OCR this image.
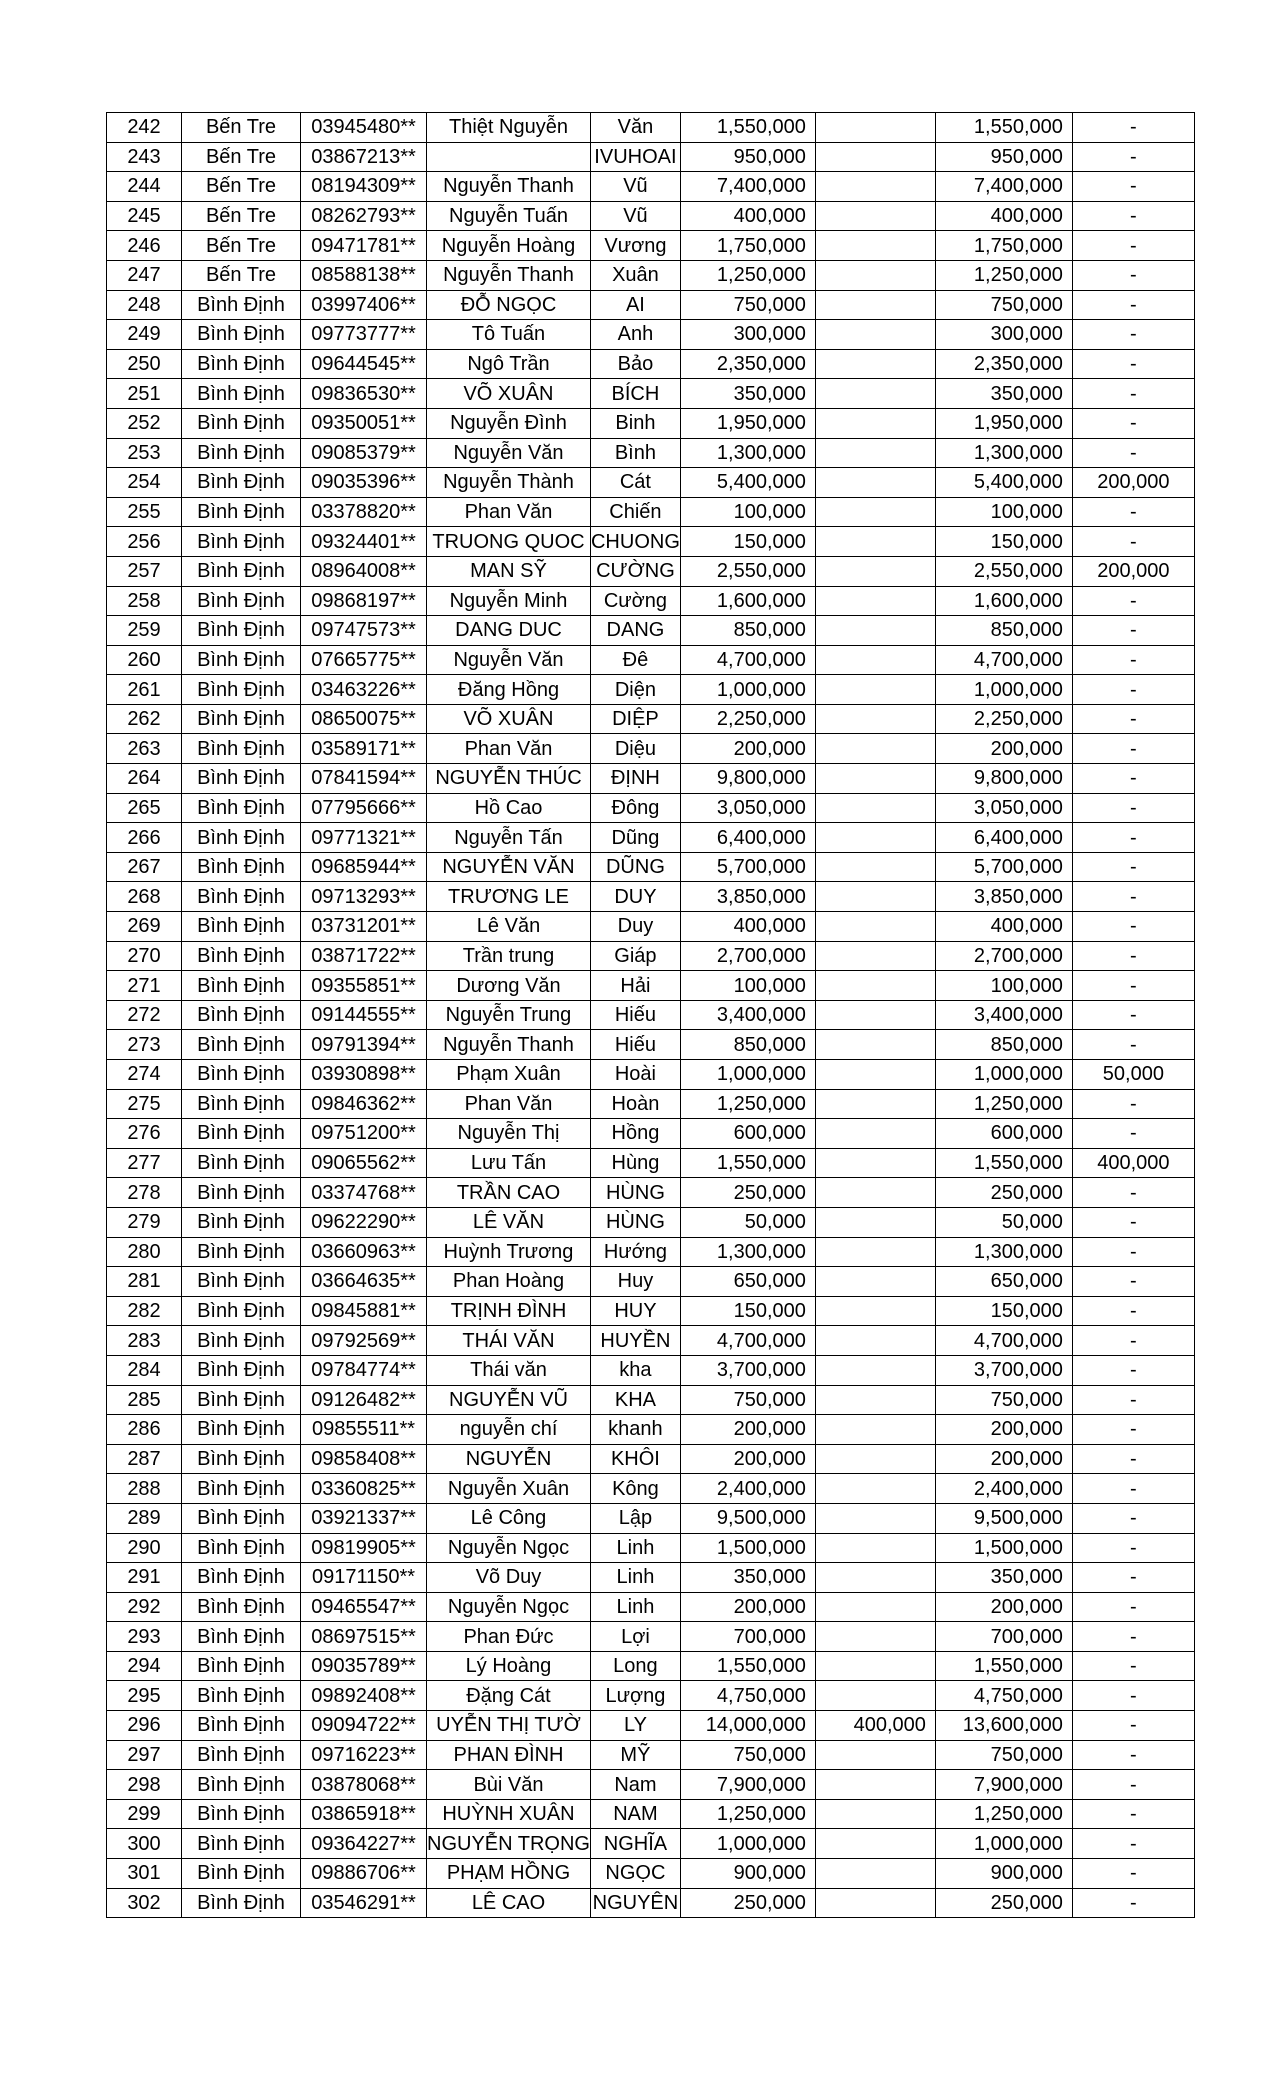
242	Bến Tre	03945480**	Thiệt Nguyễn	Văn	1,550,000		1,550,000	-
243	Bến Tre	03867213**		IVUHOAI	950,000		950,000	-
244	Bến Tre	08194309**	Nguyễn Thanh	Vũ	7,400,000		7,400,000	-
245	Bến Tre	08262793**	Nguyễn Tuấn	Vũ	400,000		400,000	-
246	Bến Tre	09471781**	Nguyễn Hoàng	Vương	1,750,000		1,750,000	-
247	Bến Tre	08588138**	Nguyễn Thanh	Xuân	1,250,000		1,250,000	-
248	Bình Định	03997406**	ĐỖ NGỌC	AI	750,000		750,000	-
249	Bình Định	09773777**	Tô Tuấn	Anh	300,000		300,000	-
250	Bình Định	09644545**	Ngô Trần	Bảo	2,350,000		2,350,000	-
251	Bình Định	09836530**	VÕ XUÂN	BÍCH	350,000		350,000	-
252	Bình Định	09350051**	Nguyễn Đình	Binh	1,950,000		1,950,000	-
253	Bình Định	09085379**	Nguyễn Văn	Bình	1,300,000		1,300,000	-
254	Bình Định	09035396**	Nguyễn Thành	Cát	5,400,000		5,400,000	200,000
255	Bình Định	03378820**	Phan Văn	Chiến	100,000		100,000	-
256	Bình Định	09324401**	TRUONG QUOC	CHUONG	150,000		150,000	-
257	Bình Định	08964008**	MAN SỸ	CƯỜNG	2,550,000		2,550,000	200,000
258	Bình Định	09868197**	Nguyễn Minh	Cường	1,600,000		1,600,000	-
259	Bình Định	09747573**	DANG DUC	DANG	850,000		850,000	-
260	Bình Định	07665775**	Nguyễn Văn	Đê	4,700,000		4,700,000	-
261	Bình Định	03463226**	Đăng Hồng	Diện	1,000,000		1,000,000	-
262	Bình Định	08650075**	VÕ XUÂN	DIỆP	2,250,000		2,250,000	-
263	Bình Định	03589171**	Phan Văn	Diệu	200,000		200,000	-
264	Bình Định	07841594**	NGUYỄN THÚC	ĐỊNH	9,800,000		9,800,000	-
265	Bình Định	07795666**	Hồ Cao	Đông	3,050,000		3,050,000	-
266	Bình Định	09771321**	Nguyễn Tấn	Dũng	6,400,000		6,400,000	-
267	Bình Định	09685944**	NGUYỄN VĂN	DŨNG	5,700,000		5,700,000	-
268	Bình Định	09713293**	TRƯƠNG LE	DUY	3,850,000		3,850,000	-
269	Bình Định	03731201**	Lê Văn	Duy	400,000		400,000	-
270	Bình Định	03871722**	Trần trung	Giáp	2,700,000		2,700,000	-
271	Bình Định	09355851**	Dương Văn	Hải	100,000		100,000	-
272	Bình Định	09144555**	Nguyễn Trung	Hiếu	3,400,000		3,400,000	-
273	Bình Định	09791394**	Nguyễn Thanh	Hiếu	850,000		850,000	-
274	Bình Định	03930898**	Phạm Xuân	Hoài	1,000,000		1,000,000	50,000
275	Bình Định	09846362**	Phan Văn	Hoàn	1,250,000		1,250,000	-
276	Bình Định	09751200**	Nguyễn Thị	Hồng	600,000		600,000	-
277	Bình Định	09065562**	Lưu Tấn	Hùng	1,550,000		1,550,000	400,000
278	Bình Định	03374768**	TRẦN CAO	HÙNG	250,000		250,000	-
279	Bình Định	09622290**	LÊ VĂN	HÙNG	50,000		50,000	-
280	Bình Định	03660963**	Huỳnh Trương	Hướng	1,300,000		1,300,000	-
281	Bình Định	03664635**	Phan Hoàng	Huy	650,000		650,000	-
282	Bình Định	09845881**	TRỊNH ĐÌNH	HUY	150,000		150,000	-
283	Bình Định	09792569**	THÁI VĂN	HUYỀN	4,700,000		4,700,000	-
284	Bình Định	09784774**	Thái văn	kha	3,700,000		3,700,000	-
285	Bình Định	09126482**	NGUYỄN VŨ	KHA	750,000		750,000	-
286	Bình Định	09855511**	nguyễn chí	khanh	200,000		200,000	-
287	Bình Định	09858408**	NGUYỄN	KHÔI	200,000		200,000	-
288	Bình Định	03360825**	Nguyễn Xuân	Kông	2,400,000		2,400,000	-
289	Bình Định	03921337**	Lê Công	Lập	9,500,000		9,500,000	-
290	Bình Định	09819905**	Nguyễn Ngọc	Linh	1,500,000		1,500,000	-
291	Bình Định	09171150**	Võ Duy	Linh	350,000		350,000	-
292	Bình Định	09465547**	Nguyễn Ngọc	Linh	200,000		200,000	-
293	Bình Định	08697515**	Phan Đức	Lợi	700,000		700,000	-
294	Bình Định	09035789**	Lý Hoàng	Long	1,550,000		1,550,000	-
295	Bình Định	09892408**	Đặng Cát	Lượng	4,750,000		4,750,000	-
296	Bình Định	09094722**	UYỄN THỊ TƯỜ	LY	14,000,000	400,000	13,600,000	-
297	Bình Định	09716223**	PHAN ĐÌNH	MỸ	750,000		750,000	-
298	Bình Định	03878068**	Bùi Văn	Nam	7,900,000		7,900,000	-
299	Bình Định	03865918**	HUỲNH XUÂN	NAM	1,250,000		1,250,000	-
300	Bình Định	09364227**	NGUYỄN TRỌNG	NGHĨA	1,000,000		1,000,000	-
301	Bình Định	09886706**	PHẠM HỒNG	NGỌC	900,000		900,000	-
302	Bình Định	03546291**	LÊ CAO	NGUYÊN	250,000		250,000	-
